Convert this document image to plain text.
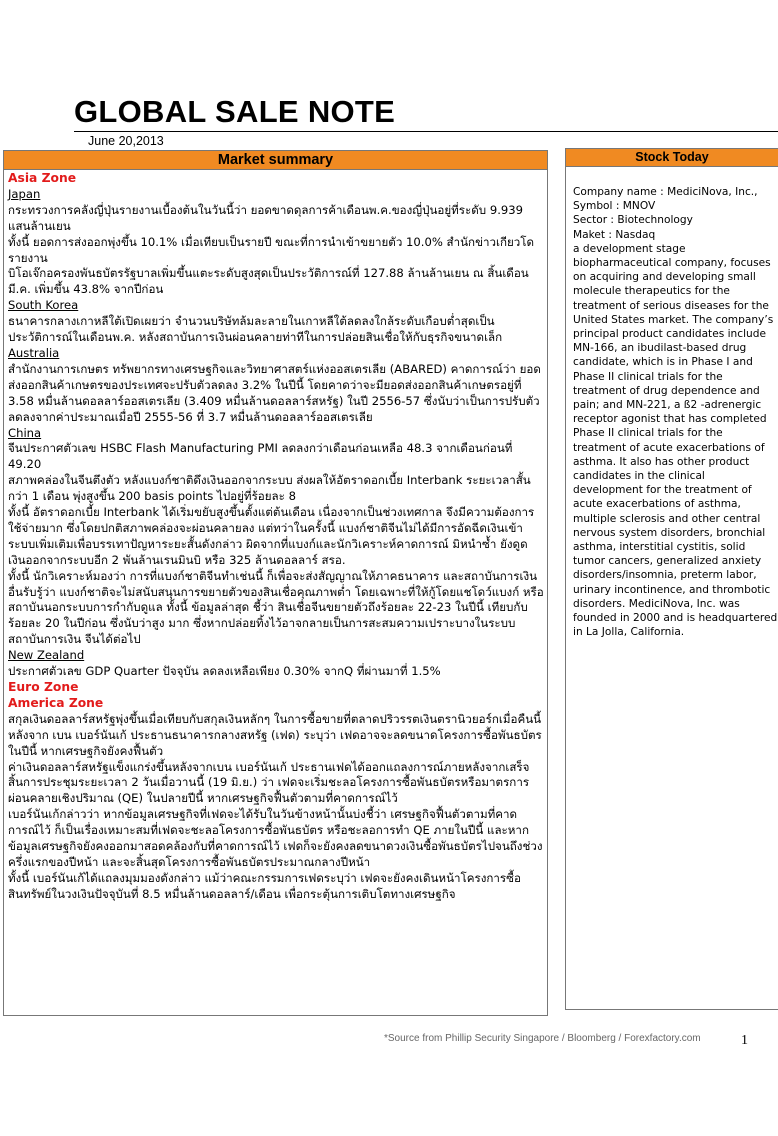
GLOBAL SALE NOTE
June 20,2013
Market summary
Asia Zone
Japan

กระทรวงการคลังญี่ปุ่นรายงานเบื้องต้นในวันนี้ว่า ยอดขาดดุลการค้าเดือนพ.ค.ของญี่ปุ่นอยู่ที่ระดับ 9.939 แสนล้านเยน

ทั้งนี้ ยอดการส่งออกพุ่งขึ้น 10.1% เมื่อเทียบเป็นรายปี ขณะที่การนำเข้าขยายตัว 10.0% สำนักข่าวเกียวโดรายงาน

บิโอเจ๊กอครองพันธบัตรรัฐบาลเพิ่มขึ้นแตะระดับสูงสุดเป็นประวัติการณ์ที่ 127.88 ล้านล้านเยน ณ สิ้นเดือนมี.ค. เพิ่มขึ้น 43.8% จากปีก่อน

South Korea

ธนาคารกลางเกาหลีใต้เปิดเผยว่า จำนวนบริษัทล้มละลายในเกาหลีใต้ลดลงใกล้ระดับเกือบต่ำสุดเป็นประวัติการณ์ในเดือนพ.ค. หลังสถาบันการเงินผ่อนคลายท่าทีในการปล่อยสินเชื่อให้กับธุรกิจขนาดเล็ก

Australia

สำนักงานการเกษตร ทรัพยากรทางเศรษฐกิจและวิทยาศาสตร์แห่งออสเตรเลีย (ABARED) คาดการณ์ว่า ยอดส่งออกสินค้าเกษตรของประเทศจะปรับตัวลดลง 3.2% ในปีนี้ โดยคาดว่าจะมียอดส่งออกสินค้าเกษตรอยู่ที่ 3.58 หมื่นล้านดอลลาร์ออสเตรเลีย (3.409 หมื่นล้านดอลลาร์สหรัฐ) ในปี 2556-57 ซึ่งนับว่าเป็นการปรับตัวลดลงจากค่าประมาณเมื่อปี 2555-56 ที่ 3.7 หมื่นล้านดอลลาร์ออสเตรเลีย

China

จีนประกาศตัวเลข HSBC Flash Manufacturing PMI ลดลงกว่าเดือนก่อนเหลือ 48.3 จากเดือนก่อนที่ 49.20

สภาพคล่องในจีนตึงตัว หลังแบงก์ชาติดึงเงินออกจากระบบ ส่งผลให้อัตราดอกเบี้ย Interbank ระยะเวลาสั้นกว่า 1 เดือน พุ่งสูงขึ้น 200 basis points ไปอยู่ที่ร้อยละ 8

ทั้งนี้ อัตราดอกเบี้ย Interbank ได้เริ่มขยับสูงขึ้นตั้งแต่ต้นเดือน เนื่องจากเป็นช่วงเทศกาล จึงมีความต้องการใช้จ่ายมาก ซึ่งโดยปกติสภาพคล่องจะผ่อนคลายลง แต่ทว่าในครั้งนี้ แบงก์ชาติจีนไม่ได้มีการอัดฉีดเงินเข้าระบบเพิ่มเติมเพื่อบรรเทาปัญหาระยะสั้นดังกล่าว ผิดจากที่แบงก์และนักวิเคราะห์คาดการณ์ มิหนำซ้ำ ยังดูดเงินออกจากระบบอีก 2 พันล้านเรนมินบิ หรือ 325 ล้านดอลลาร์ สรอ.

ทั้งนี้ นักวิเคราะห์มองว่า การที่แบงก์ชาติจีนทำเช่นนี้ ก็เพื่อจะส่งสัญญาณให้ภาคธนาคาร และสถาบันการเงินอื่นรับรู้ว่า แบงก์ชาติจะไม่สนับสนุนการขยายตัวของสินเชื่อคุณภาพต่ำ โดยเฉพาะที่ให้กู้โดยแชโดว์แบงก์ หรือสถาบันนอกระบบการกำกับดูแล ทั้งนี้ ข้อมูลล่าสุด ชี้ว่า สินเชื่อจีนขยายตัวถึงร้อยละ 22-23 ในปีนี้ เทียบกับร้อยละ 20 ในปีก่อน ซึ่งนับว่าสูง มาก ซึ่งหากปล่อยทิ้งไว้อาจกลายเป็นการสะสมความเปราะบางในระบบสถาบันการเงิน จีนได้ต่อไป

New Zealand

ประกาศตัวเลข GDP Quarter ปัจจุบัน ลดลงเหลือเพียง 0.30% จากQ ที่ผ่านมาที่ 1.5%

Euro Zone
America Zone

สกุลเงินดอลลาร์สหรัฐพุ่งขึ้นเมื่อเทียบกับสกุลเงินหลักๆ ในการซื้อขายที่ตลาดปริวรรตเงินตรานิวยอร์กเมื่อคืนนี้ หลังจาก เบน เบอร์นันเก้ ประธานธนาคารกลางสหรัฐ (เฟด) ระบุว่า เฟดอาจจะลดขนาดโครงการซื้อพันธบัตรในปีนี้ หากเศรษฐกิจยังคงฟื้นตัว

ค่าเงินดอลลาร์สหรัฐแข็งแกร่งขึ้นหลังจากเบน เบอร์นันเก้ ประธานเฟดได้ออกแถลงการณ์ภายหลังจากเสร็จสิ้นการประชุมระยะเวลา 2 วันเมื่อวานนี้ (19 มิ.ย.) ว่า เฟดจะเริ่มชะลอโครงการซื้อพันธบัตรหรือมาตรการผ่อนคลายเชิงปริมาณ (QE) ในปลายปีนี้ หากเศรษฐกิจฟื้นตัวตามที่คาดการณ์ไว้

เบอร์นันเก้กล่าวว่า หากข้อมูลเศรษฐกิจที่เฟดจะได้รับในวันข้างหน้านั้นบ่งชี้ว่า เศรษฐกิจฟื้นตัวตามที่คาดการณ์ไว้ ก็เป็นเรื่องเหมาะสมที่เฟดจะชะลอโครงการซื้อพันธบัตร หรือชะลอการทำ QE ภายในปีนี้ และหากข้อมูลเศรษฐกิจยังคงออกมาสอดคล้องกับที่คาดการณ์ไว้ เฟดก็จะยังคงลดขนาดวงเงินซื้อพันธบัตรไปจนถึงช่วงครึ่งแรกของปีหน้า และจะสิ้นสุดโครงการซื้อพันธบัตรประมาณกลางปีหน้า

ทั้งนี้ เบอร์นันเก้ได้แถลงมุมมองดังกล่าว แม้ว่าคณะกรรมการเฟดระบุว่า เฟดจะยังคงเดินหน้าโครงการซื้อสินทรัพย์ในวงเงินปัจจุบันที่ 8.5 หมื่นล้านดอลลาร์/เดือน เพื่อกระตุ้นการเติบโตทางเศรษฐกิจ

Stock Today
Company name : MediciNova, Inc.,
Symbol : MNOV
Sector : Biotechnology
Maket : Nasdaq
a development stage biopharmaceutical company, focuses on acquiring and developing small molecule therapeutics for the treatment of serious diseases for the United States market. The company’s principal product candidates include MN-166, an ibudilast-based drug candidate, which is in Phase I and Phase II clinical trials for the treatment of drug dependence and pain; and MN-221, a ß2 -adrenergic receptor agonist that has completed Phase II clinical trials for the treatment of acute exacerbations of asthma. It also has other product candidates in the clinical development for the treatment of acute exacerbations of asthma, multiple sclerosis and other central nervous system disorders, bronchial asthma, interstitial cystitis, solid tumor cancers, generalized anxiety disorders/insomnia, preterm labor, urinary incontinence, and thrombotic disorders. MediciNova, Inc. was founded in 2000 and is headquartered in La Jolla, California.
*Source from Phillip Security Singapore / Bloomberg / Forexfactory.com	1
